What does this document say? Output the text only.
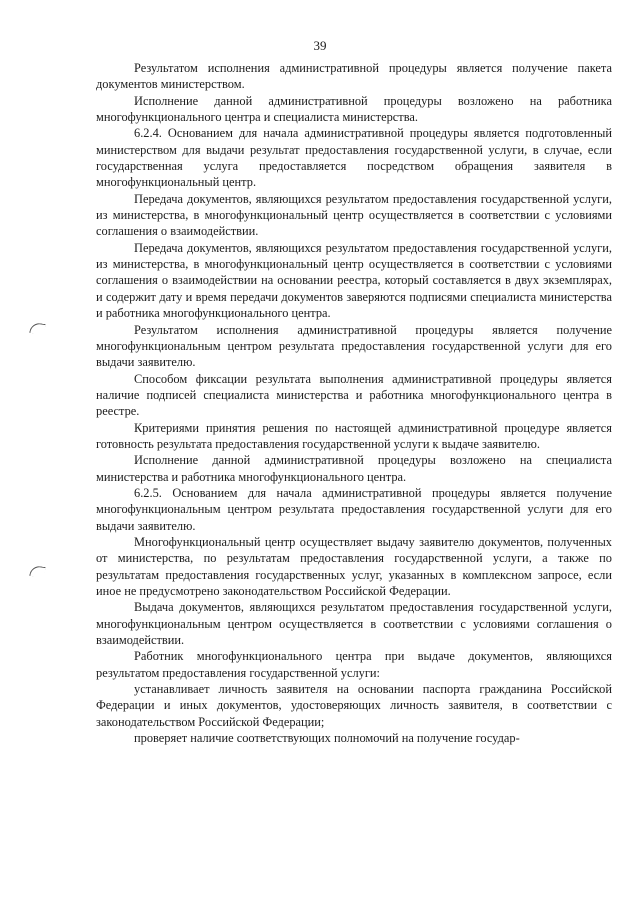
39

Результатом исполнения административной процедуры является получение пакета документов министерством.

Исполнение данной административной процедуры возложено на работника многофункционального центра и специалиста министерства.

6.2.4. Основанием для начала административной процедуры является подготовленный министерством для выдачи результат предоставления государственной услуги, в случае, если государственная услуга предоставляется посредством обращения заявителя в многофункциональный центр.

Передача документов, являющихся результатом предоставления государственной услуги, из министерства, в многофункциональный центр осуществляется в соответствии с условиями соглашения о взаимодействии.

Передача документов, являющихся результатом предоставления государственной услуги, из министерства, в многофункциональный центр осуществляется в соответствии с условиями соглашения о взаимодействии на основании реестра, который составляется в двух экземплярах, и содержит дату и время передачи документов заверяются подписями специалиста министерства и работника многофункционального центра.

Результатом исполнения административной процедуры является получение многофункциональным центром результата предоставления государственной услуги для его выдачи заявителю.

Способом фиксации результата выполнения административной процедуры является наличие подписей специалиста министерства и работника многофункционального центра в реестре.

Критериями принятия решения по настоящей административной процедуре является готовность результата предоставления государственной услуги к выдаче заявителю.

Исполнение данной административной процедуры возложено на специалиста министерства и работника многофункционального центра.

6.2.5. Основанием для начала административной процедуры является получение многофункциональным центром результата предоставления государственной услуги для его выдачи заявителю.

Многофункциональный центр осуществляет выдачу заявителю документов, полученных от министерства, по результатам предоставления государственной услуги, а также по результатам предоставления государственных услуг, указанных в комплексном запросе, если иное не предусмотрено законодательством Российской Федерации.

Выдача документов, являющихся результатом предоставления государственной услуги, многофункциональным центром осуществляется в соответствии с условиями соглашения о взаимодействии.

Работник многофункционального центра при выдаче документов, являющихся результатом предоставления государственной услуги:

устанавливает личность заявителя на основании паспорта гражданина Российской Федерации и иных документов, удостоверяющих личность заявителя, в соответствии с законодательством Российской Федерации;

проверяет наличие соответствующих полномочий на получение государ-
